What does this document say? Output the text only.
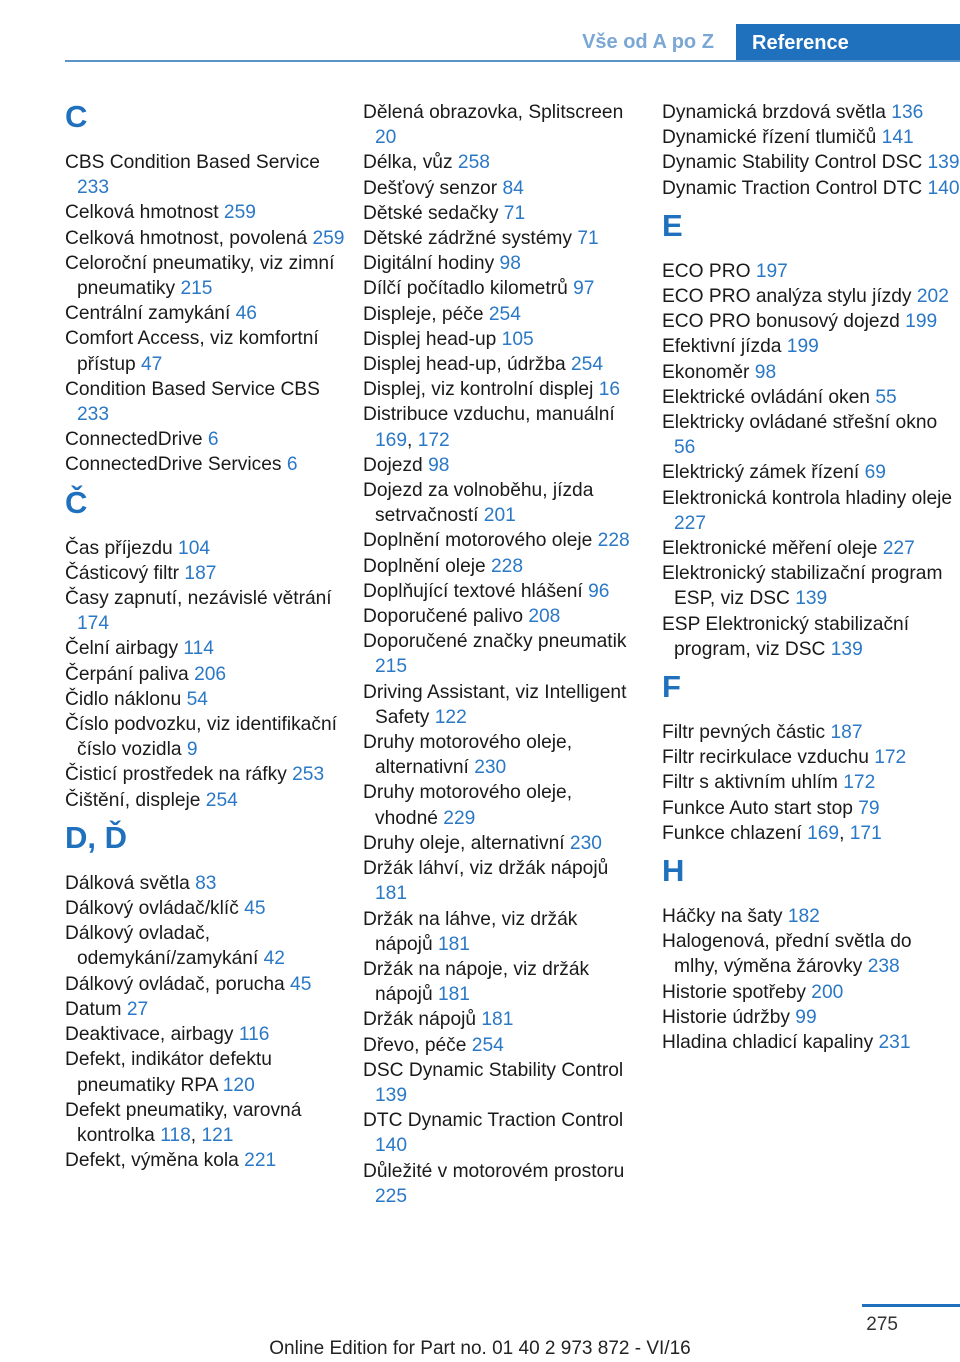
Vše od A po Z	Reference
C

CBS Condition Based Service 233

Celková hmotnost 259

Celková hmotnost, povolená 259

Celoroční pneumatiky, viz zimní pneumatiky 215

Centrální zamykání 46

Comfort Access, viz komfortní přístup 47

Condition Based Service CBS 233

ConnectedDrive 6

ConnectedDrive Services 6

Č

Čas příjezdu 104

Částicový filtr 187

Časy zapnutí, nezávislé větrání 174

Čelní airbagy 114

Čerpání paliva 206

Čidlo náklonu 54

Číslo podvozku, viz identifikační číslo vozidla 9

Čisticí prostředek na ráfky 253

Čištění, displeje 254

D, Ď

Dálková světla 83

Dálkový ovládač/klíč 45

Dálkový ovladač, odemykání/zamykání 42

Dálkový ovládač, porucha 45

Datum 27

Deaktivace, airbagy 116

Defekt, indikátor defektu pneumatiky RPA 120

Defekt pneumatiky, varovná kontrolka 118, 121

Defekt, výměna kola 221

Dělená obrazovka, Splitscreen 20

Délka, vůz 258

Dešťový senzor 84

Dětské sedačky 71

Dětské zádržné systémy 71

Digitální hodiny 98

Dílčí počítadlo kilometrů 97

Displeje, péče 254

Displej head-up 105

Displej head-up, údržba 254

Displej, viz kontrolní displej 16

Distribuce vzduchu, manuální 169, 172

Dojezd 98

Dojezd za volnoběhu, jízda setrvačností 201

Doplnění motorového oleje 228

Doplnění oleje 228

Doplňující textové hlášení 96

Doporučené palivo 208

Doporučené značky pneumatik 215

Driving Assistant, viz Intelligent Safety 122

Druhy motorového oleje, alternativní 230

Druhy motorového oleje, vhodné 229

Druhy oleje, alternativní 230

Držák láhví, viz držák nápojů 181

Držák na láhve, viz držák nápojů 181

Držák na nápoje, viz držák nápojů 181

Držák nápojů 181

Dřevo, péče 254

DSC Dynamic Stability Control 139

DTC Dynamic Traction Control 140

Důležité v motorovém prostoru 225

Dynamická brzdová světla 136

Dynamické řízení tlumičů 141

Dynamic Stability Control DSC 139

Dynamic Traction Control DTC 140

E

ECO PRO 197

ECO PRO analýza stylu jízdy 202

ECO PRO bonusový dojezd 199

Efektivní jízda 199

Ekonoměr 98

Elektrické ovládání oken 55

Elektricky ovládané střešní okno 56

Elektrický zámek řízení 69

Elektronická kontrola hladiny oleje 227

Elektronické měření oleje 227

Elektronický stabilizační program ESP, viz DSC 139

ESP Elektronický stabilizační program, viz DSC 139

F

Filtr pevných částic 187

Filtr recirkulace vzduchu 172

Filtr s aktivním uhlím 172

Funkce Auto start stop 79

Funkce chlazení 169, 171

H

Háčky na šaty 182

Halogenová, přední světla do mlhy, výměna žárovky 238

Historie spotřeby 200

Historie údržby 99

Hladina chladicí kapaliny 231

275
Online Edition for Part no. 01 40 2 973 872 - VI/16
